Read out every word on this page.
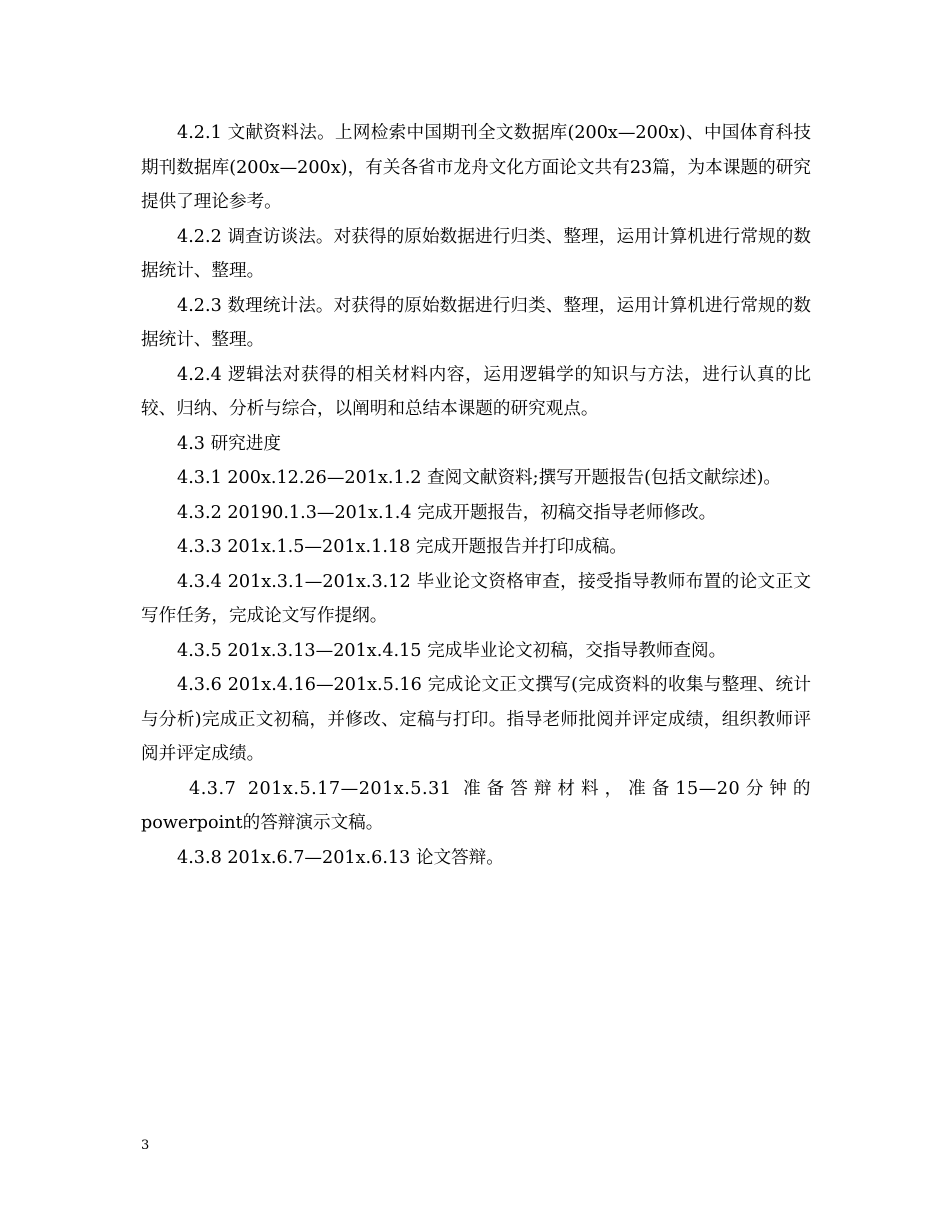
4.2.1 文献资料法。上网检索中国期刊全文数据库(200x—200x)、中国体育科技期刊数据库(200x—200x)，有关各省市龙舟文化方面论文共有23篇，为本课题的研究提供了理论参考。

4.2.2 调查访谈法。对获得的原始数据进行归类、整理，运用计算机进行常规的数据统计、整理。

4.2.3 数理统计法。对获得的原始数据进行归类、整理，运用计算机进行常规的数据统计、整理。

4.2.4 逻辑法对获得的相关材料内容，运用逻辑学的知识与方法，进行认真的比较、归纳、分析与综合，以阐明和总结本课题的研究观点。

4.3 研究进度

4.3.1 200x.12.26—201x.1.2 查阅文献资料;撰写开题报告(包括文献综述)。

4.3.2 20190.1.3—201x.1.4 完成开题报告，初稿交指导老师修改。

4.3.3 201x.1.5—201x.1.18 完成开题报告并打印成稿。

4.3.4 201x.3.1—201x.3.12 毕业论文资格审查，接受指导教师布置的论文正文写作任务，完成论文写作提纲。

4.3.5 201x.3.13—201x.4.15 完成毕业论文初稿，交指导教师查阅。

4.3.6 201x.4.16—201x.5.16 完成论文正文撰写(完成资料的收集与整理、统计与分析)完成正文初稿，并修改、定稿与打印。指导老师批阅并评定成绩，组织教师评阅并评定成绩。

4.3.7 201x.5.17—201x.5.31 准备答辩材料，准备15—20分钟的

powerpoint的答辩演示文稿。

4.3.8 201x.6.7—201x.6.13 论文答辩。

3
